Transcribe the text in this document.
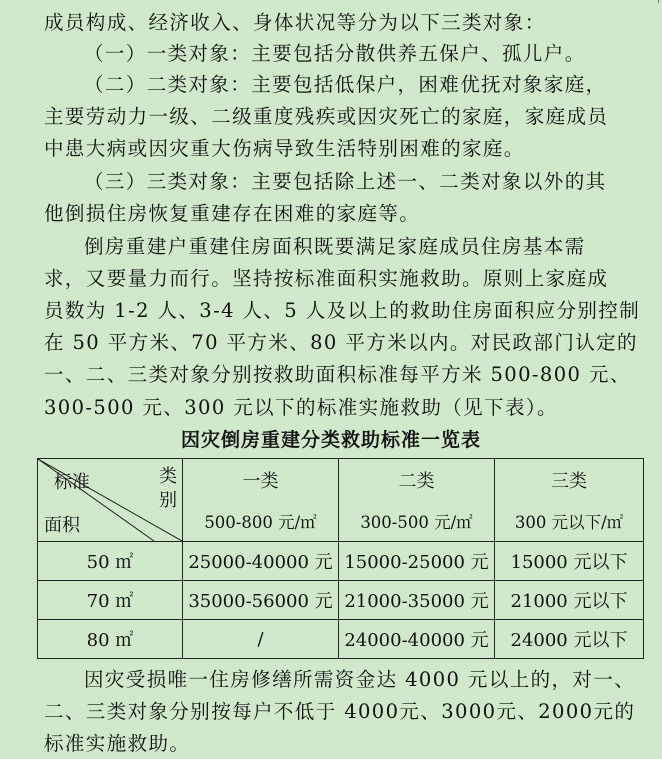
成员构成、经济收入、身体状况等分为以下三类对象：
（一）一类对象：主要包括分散供养五保户、孤儿户。
（二）二类对象：主要包括低保户，困难优抚对象家庭，
主要劳动力一级、二级重度残疾或因灾死亡的家庭，家庭成员
中患大病或因灾重大伤病导致生活特别困难的家庭。
（三）三类对象：主要包括除上述一、二类对象以外的其
他倒损住房恢复重建存在困难的家庭等。
倒房重建户重建住房面积既要满足家庭成员住房基本需
求，又要量力而行。坚持按标准面积实施救助。原则上家庭成
员数为 1-2 人、3-4 人、5 人及以上的救助住房面积应分别控制
在 50 平方米、70 平方米、80 平方米以内。对民政部门认定的
一、二、三类对象分别按救助面积标准每平方米 500-800 元、
300-500 元、300 元以下的标准实施救助（见下表）。
因灾倒房重建分类救助标准一览表
标准 类别
面积	一类	二类	三类
	500-800 元/㎡	300-500 元/㎡	300 元以下/㎡
50 ㎡	25000-40000 元	15000-25000 元	15000 元以下
70 ㎡	35000-56000 元	21000-35000 元	21000 元以下
80 ㎡	/	24000-40000 元	24000 元以下
因灾受损唯一住房修缮所需资金达 4000 元以上的，对一、
二、三类对象分别按每户不低于 4000元、3000元、2000元的
标准实施救助。
